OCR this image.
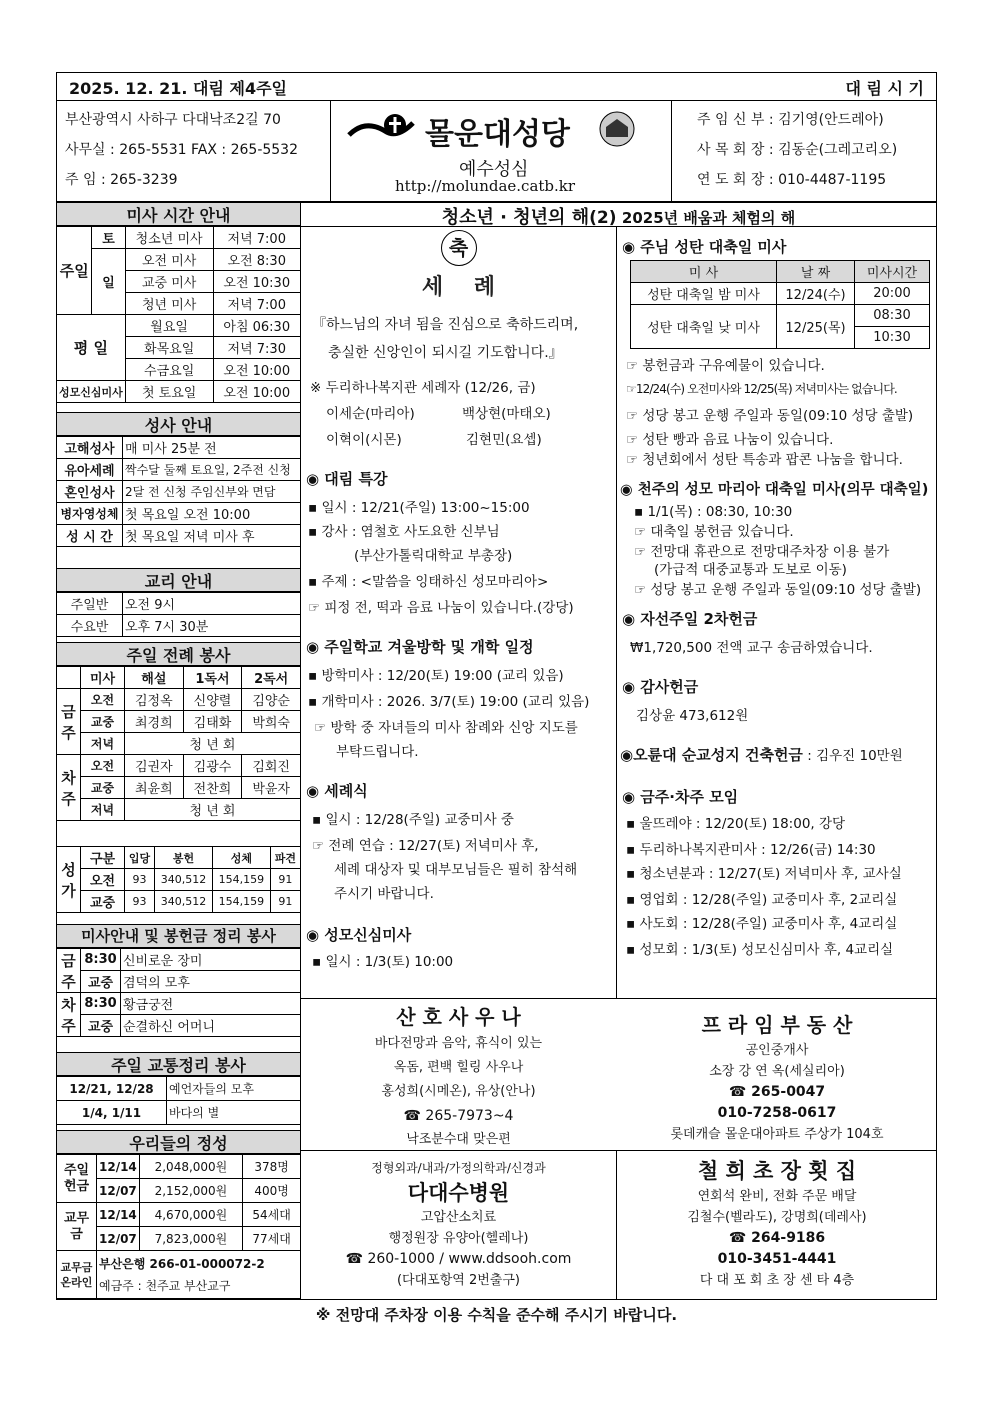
2025. 12. 21. 대림 제4주일	대 림 시 기
부산광역시 사하구 다대낙조2길 70
사무실 : 265-5531 FAX : 265-5532
주 임 : 265-3239
몰운대성당
예수성심
http://molundae.catb.kr
주 임 신 부 : 김기영(안드레아)
사 목 회 장 : 김동순(그레고리오)
연 도 회 장 : 010-4487-1195
청소년 · 청년의 해(2) 2025년 배움과 체험의 해
미사 시간 안내
주일	토	청소년 미사	저녁 7:00
	일	오전 미사	오전 8:30
		교중 미사	오전 10:30
		청년 미사	저녁 7:00
평 일		월요일	아침 06:30
		화목요일	저녁 7:30
		수금요일	오전 10:00
성모신심미사		첫 토요일	오전 10:00
성사 안내
고해성사	매 미사 25분 전
유아세례	짝수달 둘째 토요일, 2주전 신청
혼인성사	2달 전 신청 주임신부와 면담
병자영성체	첫 목요일 오전 10:00
성 시 간	첫 목요일 저녁 미사 후
교리 안내
주일반	오전 9시
수요반	오후 7시 30분
주일 전례 봉사
	미사	해설	1독서	2독서
금주	오전	김정옥	신양렬	김양순
	교중	최경희	김태화	박희숙
	저녁	청 년 회		
차주	오전	김권자	김광수	김회진
	교중	최윤희	전찬희	박윤자
	저녁	청 년 회		
성가	구분	입당	봉헌	성체	파견
	오전	93	340,512	154,159	91
	교중	93	340,512	154,159	91
미사안내 및 봉헌금 정리 봉사
금주	8:30	신비로운 장미
	교중	겸덕의 모후
차주	8:30	황금궁전
	교중	순결하신 어머니
주일 교통정리 봉사
12/21, 12/28	예언자들의 모후
1/4, 1/11	바다의 별
우리들의 정성
주일헌금	12/14	2,048,000원	378명
	12/07	2,152,000원	400명
교무금	12/14	4,670,000원	54세대
	12/07	7,823,000원	77세대
교무금 온라인	부산은행 266-01-000072-2
예금주 : 천주교 부산교구		
축
세    례
『하느님의 자녀 됨을 진심으로 축하드리며,
충실한 신앙인이 되시길 기도합니다.』
※ 두리하나복지관 세례자 (12/26, 금)
이세순(마리아)	백상현(마태오)
이혁이(시몬)	김현민(요셉)
◉ 대림 특강
▪ 일시 : 12/21(주일) 13:00~15:00
▪ 강사 : 염철호 사도요한 신부님
(부산가톨릭대학교 부총장)
▪ 주제 : <말씀을 잉태하신 성모마리아>
☞ 피정 전, 떡과 음료 나눔이 있습니다.(강당)
◉ 주일학교 겨울방학 및 개학 일정
▪ 방학미사 : 12/20(토) 19:00 (교리 있음)
▪ 개학미사 : 2026. 3/7(토) 19:00 (교리 있음)
☞ 방학 중 자녀들의 미사 참례와 신앙 지도를
부탁드립니다.
◉ 세례식
▪ 일시 : 12/28(주일) 교중미사 중
☞ 전례 연습 : 12/27(토) 저녁미사 후,
세례 대상자 및 대부모님들은 필히 참석해
주시기 바랍니다.
◉ 성모신심미사
▪ 일시 : 1/3(토) 10:00
◉ 주님 성탄 대축일 미사
미 사	날 짜	미사시간
성탄 대축일 밤 미사	12/24(수)	20:00
성탄 대축일 낮 미사	12/25(목)	08:30
		10:30
☞ 봉헌금과 구유예물이 있습니다.
☞12/24(수) 오전미사와 12/25(목) 저녁미사는 없습니다.
☞ 성당 봉고 운행 주일과 동일(09:10 성당 출발)
☞ 성탄 빵과 음료 나눔이 있습니다.
☞ 청년회에서 성탄 특송과 팝콘 나눔을 합니다.
◉ 천주의 성모 마리아 대축일 미사(의무 대축일)
▪ 1/1(목) : 08:30, 10:30
☞ 대축일 봉헌금 있습니다.
☞ 전망대 휴관으로 전망대주차장 이용 불가
(가급적 대중교통과 도보로 이동)
☞ 성당 봉고 운행 주일과 동일(09:10 성당 출발)
◉ 자선주일 2차헌금
₩1,720,500 전액 교구 송금하였습니다.
◉ 감사헌금
김상윤 473,612원
◉오륜대 순교성지 건축헌금 : 김우진 10만원
◉ 금주·차주 모임
▪ 울뜨레야 : 12/20(토) 18:00, 강당
▪ 두리하나복지관미사 : 12/26(금) 14:30
▪ 청소년분과 : 12/27(토) 저녁미사 후, 교사실
▪ 영업회 : 12/28(주일) 교중미사 후, 2교리실
▪ 사도회 : 12/28(주일) 교중미사 후, 4교리실
▪ 성모회 : 1/3(토) 성모신심미사 후, 4교리실
산 호 사 우 나
바다전망과 음악, 휴식이 있는
옥돔, 편백 힐링 사우나
홍성희(시메온), 유상(안나)
☎ 265-7973~4
낙조분수대 맞은편
프 라 임 부 동 산
공인중개사
소장 강 연 옥(세실리아)
☎ 265-0047
010-7258-0617
롯데캐슬 몰운대아파트 주상가 104호
정형외과/내과/가정의학과/신경과
다대수병원
고압산소치료
행정원장 유양아(헬레나)
☎ 260-1000 / www.ddsooh.com
(다대포항역 2번출구)
철 희 초 장 횟 집
연회석 완비, 전화 주문 배달
김철수(벨라도), 강명희(데레사)
☎ 264-9186
010-3451-4441
다 대 포 회 초 장 센 타 4층
※ 전망대 주차장 이용 수칙을 준수해 주시기 바랍니다.
